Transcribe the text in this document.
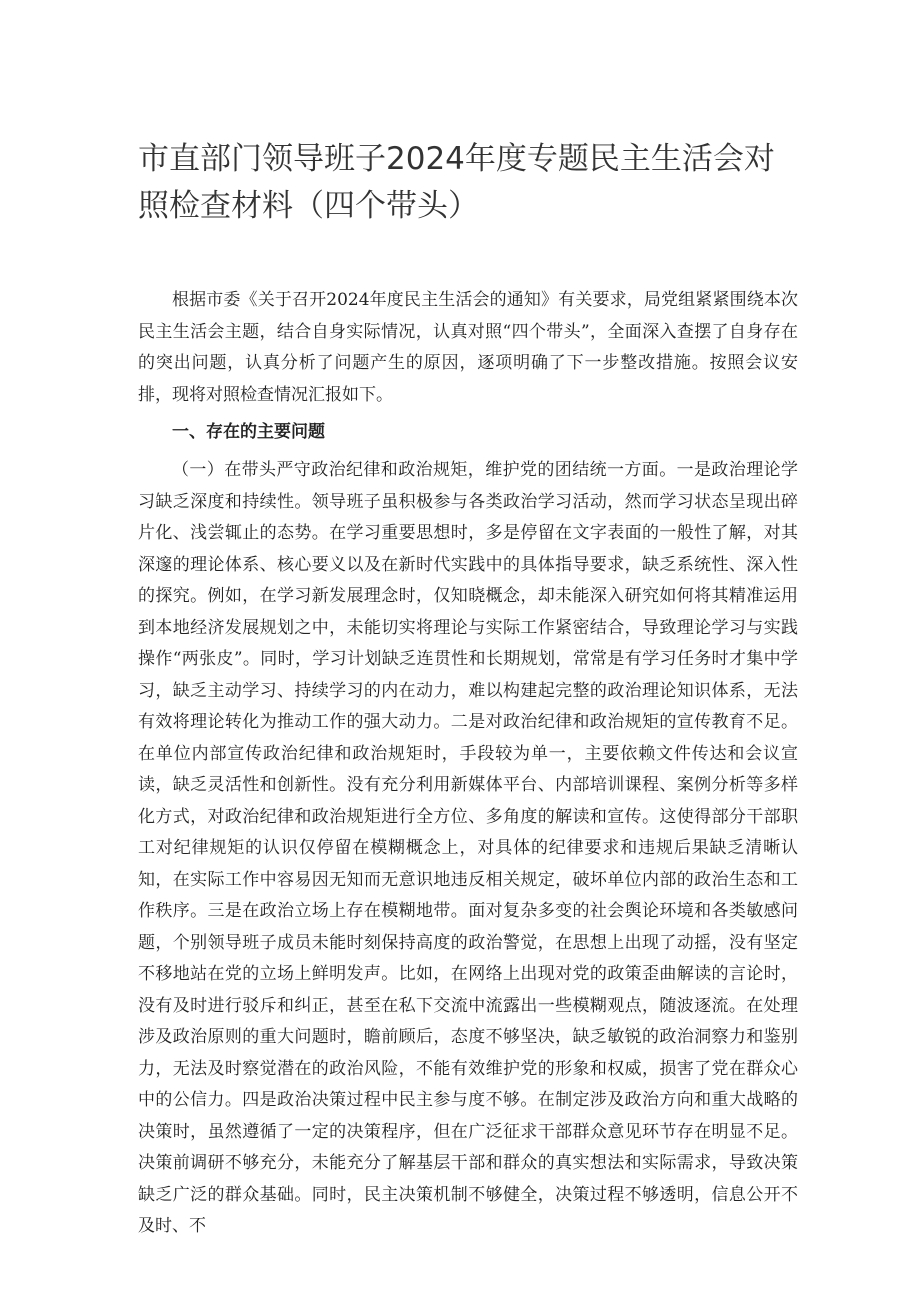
市直部门领导班子2024年度专题民主生活会对照检查材料（四个带头）

根据市委《关于召开2024年度民主生活会的通知》有关要求，局党组紧紧围绕本次民主生活会主题，结合自身实际情况，认真对照“四个带头”，全面深入查摆了自身存在的突出问题，认真分析了问题产生的原因，逐项明确了下一步整改措施。按照会议安排，现将对照检查情况汇报如下。

一、存在的主要问题

（一）在带头严守政治纪律和政治规矩，维护党的团结统一方面。一是政治理论学习缺乏深度和持续性。领导班子虽积极参与各类政治学习活动，然而学习状态呈现出碎片化、浅尝辄止的态势。在学习重要思想时，多是停留在文字表面的一般性了解，对其深邃的理论体系、核心要义以及在新时代实践中的具体指导要求，缺乏系统性、深入性的探究。例如，在学习新发展理念时，仅知晓概念，却未能深入研究如何将其精准运用到本地经济发展规划之中，未能切实将理论与实际工作紧密结合，导致理论学习与实践操作“两张皮”。同时，学习计划缺乏连贯性和长期规划，常常是有学习任务时才集中学习，缺乏主动学习、持续学习的内在动力，难以构建起完整的政治理论知识体系，无法有效将理论转化为推动工作的强大动力。二是对政治纪律和政治规矩的宣传教育不足。在单位内部宣传政治纪律和政治规矩时，手段较为单一，主要依赖文件传达和会议宣读，缺乏灵活性和创新性。没有充分利用新媒体平台、内部培训课程、案例分析等多样化方式，对政治纪律和政治规矩进行全方位、多角度的解读和宣传。这使得部分干部职工对纪律规矩的认识仅停留在模糊概念上，对具体的纪律要求和违规后果缺乏清晰认知，在实际工作中容易因无知而无意识地违反相关规定，破坏单位内部的政治生态和工作秩序。三是在政治立场上存在模糊地带。面对复杂多变的社会舆论环境和各类敏感问题，个别领导班子成员未能时刻保持高度的政治警觉，在思想上出现了动摇，没有坚定不移地站在党的立场上鲜明发声。比如，在网络上出现对党的政策歪曲解读的言论时，没有及时进行驳斥和纠正，甚至在私下交流中流露出一些模糊观点，随波逐流。在处理涉及政治原则的重大问题时，瞻前顾后，态度不够坚决，缺乏敏锐的政治洞察力和鉴别力，无法及时察觉潜在的政治风险，不能有效维护党的形象和权威，损害了党在群众心中的公信力。四是政治决策过程中民主参与度不够。在制定涉及政治方向和重大战略的决策时，虽然遵循了一定的决策程序，但在广泛征求干部群众意见环节存在明显不足。决策前调研不够充分，未能充分了解基层干部和群众的真实想法和实际需求，导致决策缺乏广泛的群众基础。同时，民主决策机制不够健全，决策过程不够透明，信息公开不及时、不
